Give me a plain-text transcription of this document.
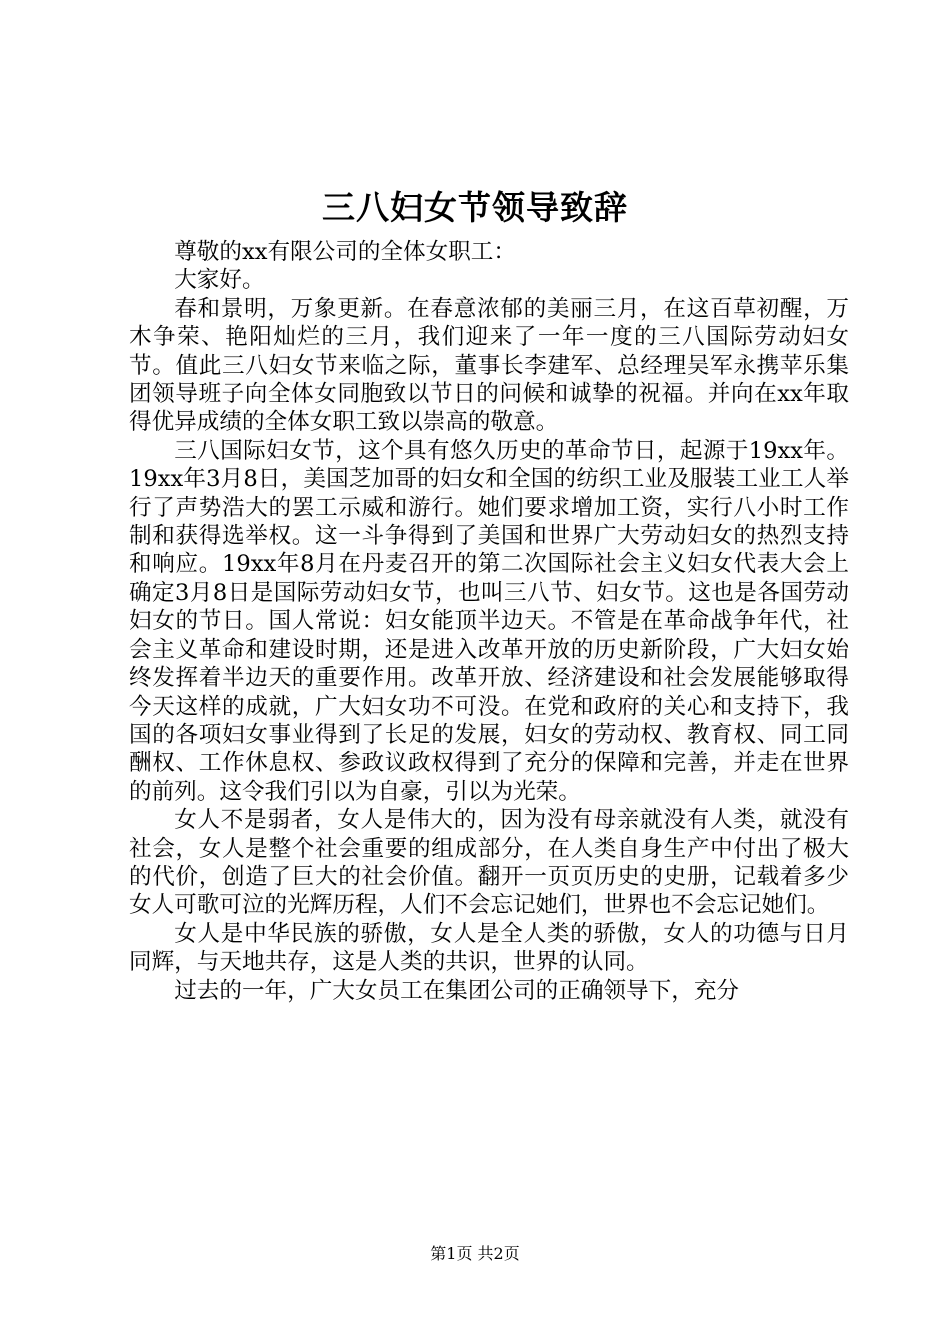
三八妇女节领导致辞

尊敬的xx有限公司的全体女职工：

大家好。

春和景明，万象更新。在春意浓郁的美丽三月，在这百草初醒，万木争荣、艳阳灿烂的三月，我们迎来了一年一度的三八国际劳动妇女节。值此三八妇女节来临之际，董事长李建军、总经理吴军永携苹乐集团领导班子向全体女同胞致以节日的问候和诚挚的祝福。并向在xx年取得优异成绩的全体女职工致以崇高的敬意。

三八国际妇女节，这个具有悠久历史的革命节日，起源于19xx年。19xx年3月8日，美国芝加哥的妇女和全国的纺织工业及服装工业工人举行了声势浩大的罢工示威和游行。她们要求增加工资，实行八小时工作制和获得选举权。这一斗争得到了美国和世界广大劳动妇女的热烈支持和响应。19xx年8月在丹麦召开的第二次国际社会主义妇女代表大会上确定3月8日是国际劳动妇女节，也叫三八节、妇女节。这也是各国劳动妇女的节日。国人常说：妇女能顶半边天。不管是在革命战争年代，社会主义革命和建设时期，还是进入改革开放的历史新阶段，广大妇女始终发挥着半边天的重要作用。改革开放、经济建设和社会发展能够取得今天这样的成就，广大妇女功不可没。在党和政府的关心和支持下，我国的各项妇女事业得到了长足的发展，妇女的劳动权、教育权、同工同酬权、工作休息权、参政议政权得到了充分的保障和完善，并走在世界的前列。这令我们引以为自豪，引以为光荣。

女人不是弱者，女人是伟大的，因为没有母亲就没有人类，就没有社会，女人是整个社会重要的组成部分，在人类自身生产中付出了极大的代价，创造了巨大的社会价值。翻开一页页历史的史册，记载着多少女人可歌可泣的光辉历程，人们不会忘记她们，世界也不会忘记她们。

女人是中华民族的骄傲，女人是全人类的骄傲，女人的功德与日月同辉，与天地共存，这是人类的共识，世界的认同。

过去的一年，广大女员工在集团公司的正确领导下，充分

第1页 共2页
